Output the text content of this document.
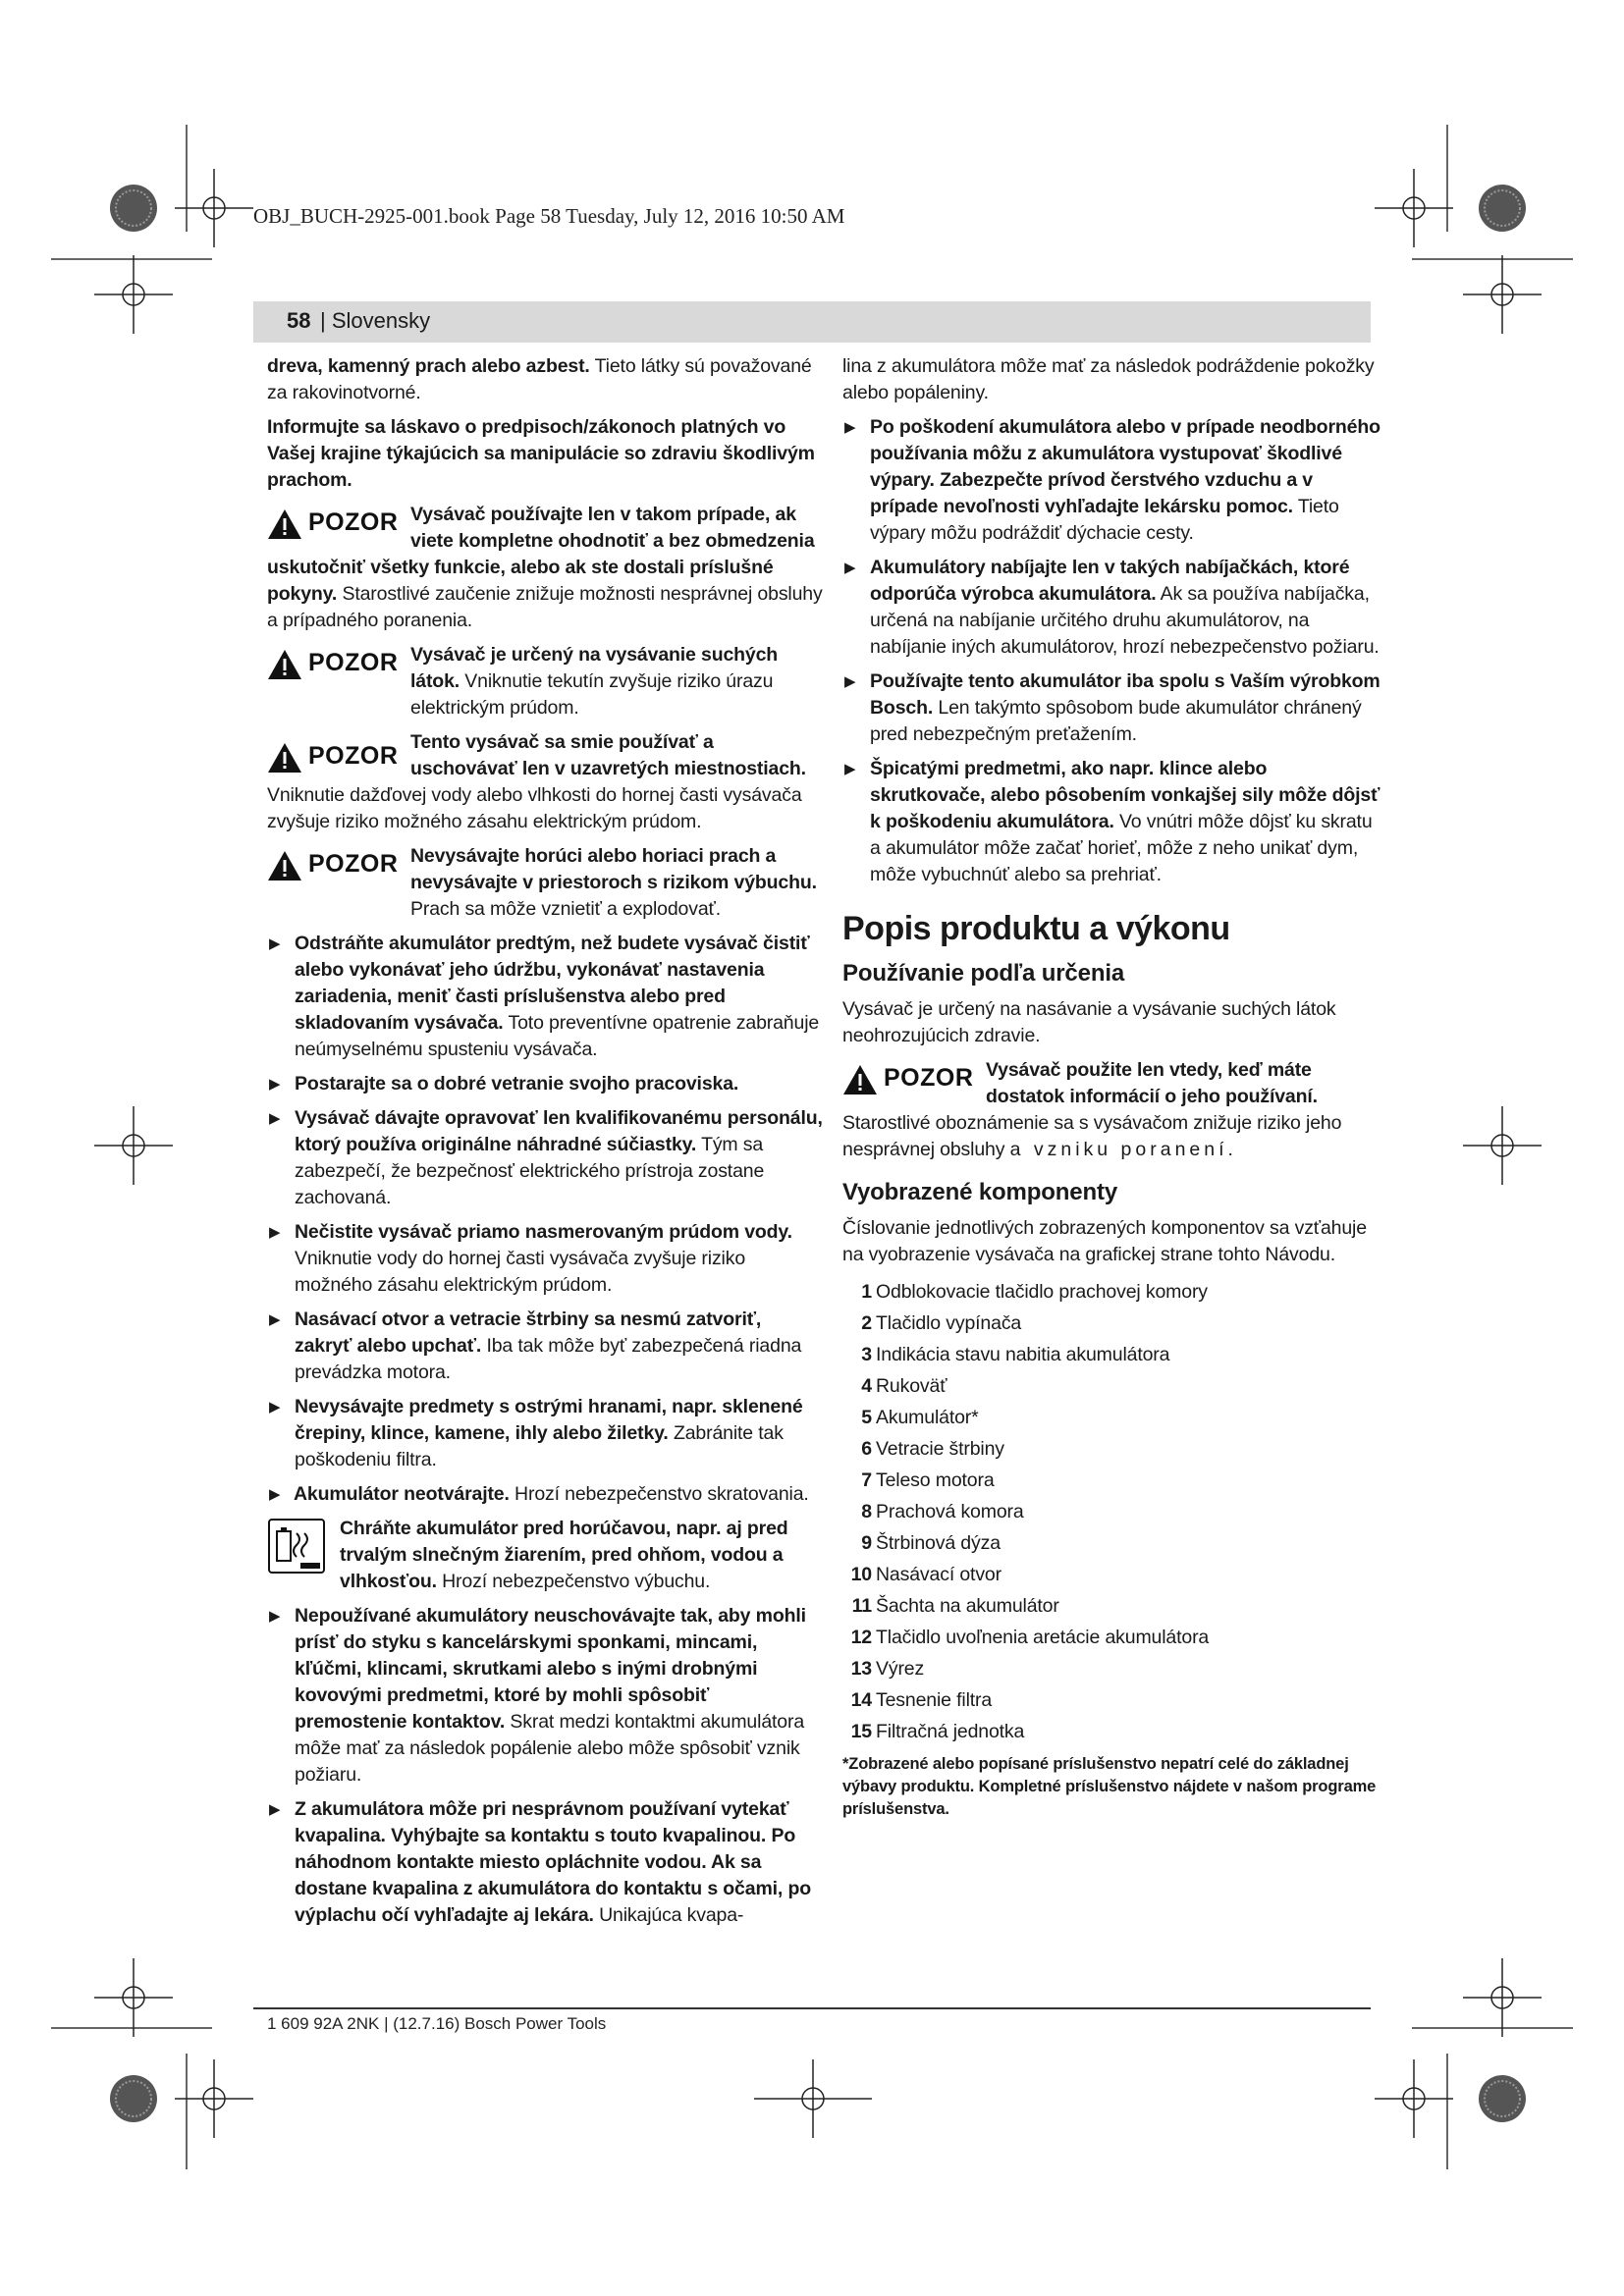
OBJ_BUCH-2925-001.book Page 58 Tuesday, July 12, 2016 10:50 AM
58 | Slovensky

dreva, kamenný prach alebo azbest. Tieto látky sú považované za rakovinotvorné.

Informujte sa láskavo o predpisoch/zákonoch platných vo Vašej krajine týkajúcich sa manipulácie so zdraviu škodlivým prachom.

POZOR Vysávač používajte len v takom prípade, ak viete kompletne ohodnotiť a bez obmedzenia uskutočniť všetky funkcie, alebo ak ste dostali príslušné pokyny. Starostlivé zaučenie znižuje možnosti nesprávnej obsluhy a prípadného poranenia.
POZOR Vysávač je určený na vysávanie suchých látok. Vniknutie tekutín zvyšuje riziko úrazu elektrickým prúdom.
POZOR Tento vysávač sa smie používať a uschovávať len v uzavretých miestnostiach. Vniknutie dažďovej vody alebo vlhkosti do hornej časti vysávača zvyšuje riziko možného zásahu elektrickým prúdom.
POZOR Nevysávajte horúci alebo horiaci prach a nevysávajte v priestoroch s rizikom výbuchu. Prach sa môže vznietiť a explodovať.
▶ Odstráňte akumulátor predtým, než budete vysávač čistiť alebo vykonávať jeho údržbu, vykonávať nastavenia zariadenia, meniť časti príslušenstva alebo pred skladovaním vysávača. Toto preventívne opatrenie zabraňuje neúmyselnému spusteniu vysávača.
▶ Postarajte sa o dobré vetranie svojho pracoviska.
▶ Vysávač dávajte opravovať len kvalifikovanému personálu, ktorý používa originálne náhradné súčiastky. Tým sa zabezpečí, že bezpečnosť elektrického prístroja zostane zachovaná.
▶ Nečistite vysávač priamo nasmerovaným prúdom vody. Vniknutie vody do hornej časti vysávača zvyšuje riziko možného zásahu elektrickým prúdom.
▶ Nasávací otvor a vetracie štrbiny sa nesmú zatvoriť, zakryť alebo upchať. Iba tak môže byť zabezpečená riadna prevádzka motora.
▶ Nevysávajte predmety s ostrými hranami, napr. sklenené črepiny, klince, kamene, ihly alebo žiletky. Zabránite tak poškodeniu filtra.
▶ Akumulátor neotvárajte. Hrozí nebezpečenstvo skratovania.
Chráňte akumulátor pred horúčavou, napr. aj pred trvalým slnečným žiarením, pred ohňom, vodou a vlhkosťou. Hrozí nebezpečenstvo výbuchu.
▶ Nepoužívané akumulátory neuschovávajte tak, aby mohli prísť do styku s kancelárskymi sponkami, mincami, kľúčmi, klincami, skrutkami alebo s inými drobnými kovovými predmetmi, ktoré by mohli spôsobiť premostenie kontaktov. Skrat medzi kontaktmi akumulátora môže mať za následok popálenie alebo môže spôsobiť vznik požiaru.
▶ Z akumulátora môže pri nesprávnom používaní vytekať kvapalina. Vyhýbajte sa kontaktu s touto kvapalinou. Po náhodnom kontakte miesto opláchnite vodou. Ak sa dostane kvapalina z akumulátora do kontaktu s očami, po výplachu očí vyhľadajte aj lekára. Unikajúca kvapa-

lina z akumulátora môže mať za následok podráždenie pokožky alebo popáleniny.

▶ Po poškodení akumulátora alebo v prípade neodborného používania môžu z akumulátora vystupovať škodlivé výpary. Zabezpečte prívod čerstvého vzduchu a v prípade nevoľnosti vyhľadajte lekársku pomoc. Tieto výpary môžu podráždiť dýchacie cesty.
▶ Akumulátory nabíjajte len v takých nabíjačkách, ktoré odporúča výrobca akumulátora. Ak sa používa nabíjačka, určená na nabíjanie určitého druhu akumulátorov, na nabíjanie iných akumulátorov, hrozí nebezpečenstvo požiaru.
▶ Používajte tento akumulátor iba spolu s Vaším výrobkom Bosch. Len takýmto spôsobom bude akumulátor chránený pred nebezpečným preťažením.
▶ Špicatými predmetmi, ako napr. klince alebo skrutkovače, alebo pôsobením vonkajšej sily môže dôjsť k poškodeniu akumulátora. Vo vnútri môže dôjsť ku skratu a akumulátor môže začať horieť, môže z neho unikať dym, môže vybuchnúť alebo sa prehriať.
Popis produktu a výkonu
Používanie podľa určenia

Vysávač je určený na nasávanie a vysávanie suchých látok neohrozujúcich zdravie.

POZOR Vysávač použite len vtedy, keď máte dostatok informácií o jeho používaní. Starostlivé oboznámenie sa s vysávačom znižuje riziko jeho nesprávnej obsluhy a vzniku poranení.
Vyobrazené komponenty

Číslovanie jednotlivých zobrazených komponentov sa vzťahuje na vyobrazenie vysávača na grafickej strane tohto Návodu.

1 Odblokovacie tlačidlo prachovej komory
2 Tlačidlo vypínača
3 Indikácia stavu nabitia akumulátora
4 Rukoväť
5 Akumulátor*
6 Vetracie štrbiny
7 Teleso motora
8 Prachová komora
9 Štrbinová dýza
10 Nasávací otvor
11 Šachta na akumulátor
12 Tlačidlo uvoľnenia aretácie akumulátora
13 Výrez
14 Tesnenie filtra
15 Filtračná jednotka
*Zobrazené alebo popísané príslušenstvo nepatrí celé do základnej výbavy produktu. Kompletné príslušenstvo nájdete v našom programe príslušenstva.
1 609 92A 2NK | (12.7.16) Bosch Power Tools
